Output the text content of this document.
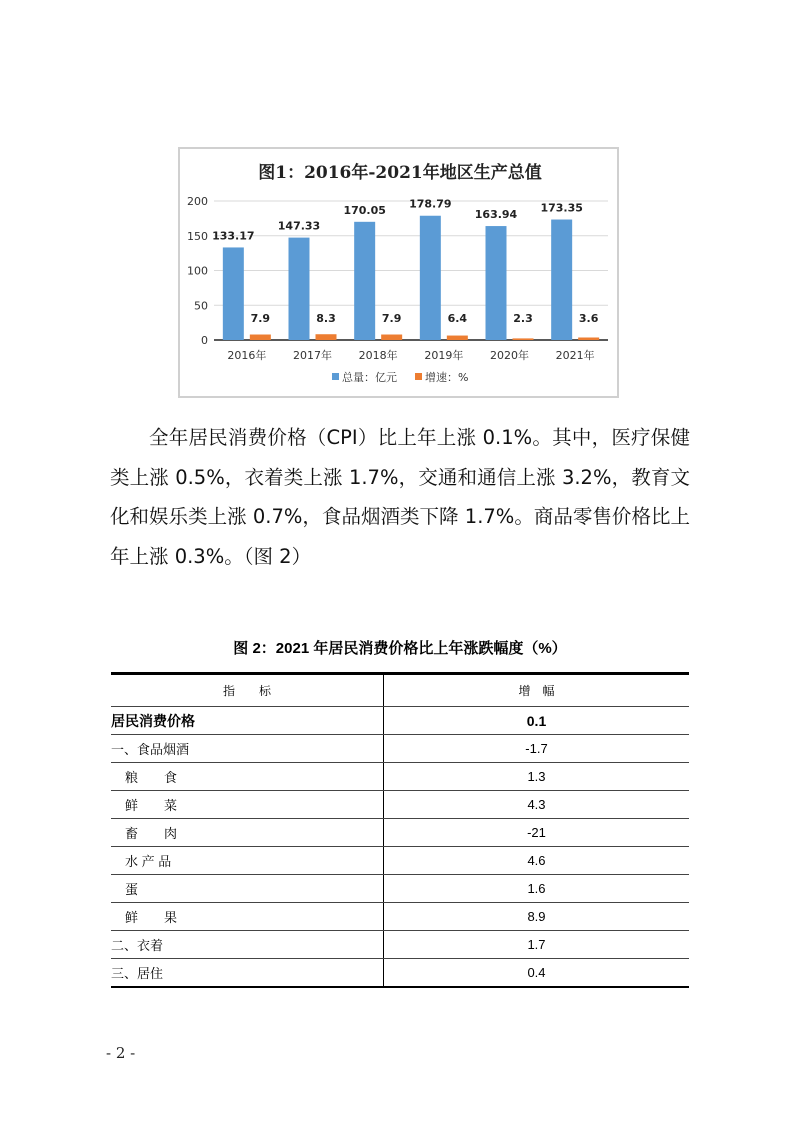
图1：2016年-2021年地区生产总值
0
50
100
150
200
2016年 2017年 2018年 2019年 2020年 2021年
133.17
147.33
170.05 178.79
163.94
173.35
7.9	8.3	7.9	6.4	2.3	3.6
总量：亿元	增速：%

全年居民消费价格（CPI）比上年上涨 0.1%。其中，医疗保健类上涨 0.5%，衣着类上涨 1.7%，交通和通信上涨 3.2%，教育文化和娱乐类上涨 0.7%，食品烟酒类下降 1.7%。商品零售价格比上年上涨 0.3%。（图 2）

图 2：2021 年居民消费价格比上年涨跌幅度（%）
指　　标	增　幅
居民消费价格	0.1
一、食品烟酒	-1.7
粮　　食	1.3
鲜　　菜	4.3
畜　　肉	-21
水 产 品	4.6
蛋	1.6
鲜　　果	8.9
二、衣着	1.7
三、居住	0.4
- 2 -
